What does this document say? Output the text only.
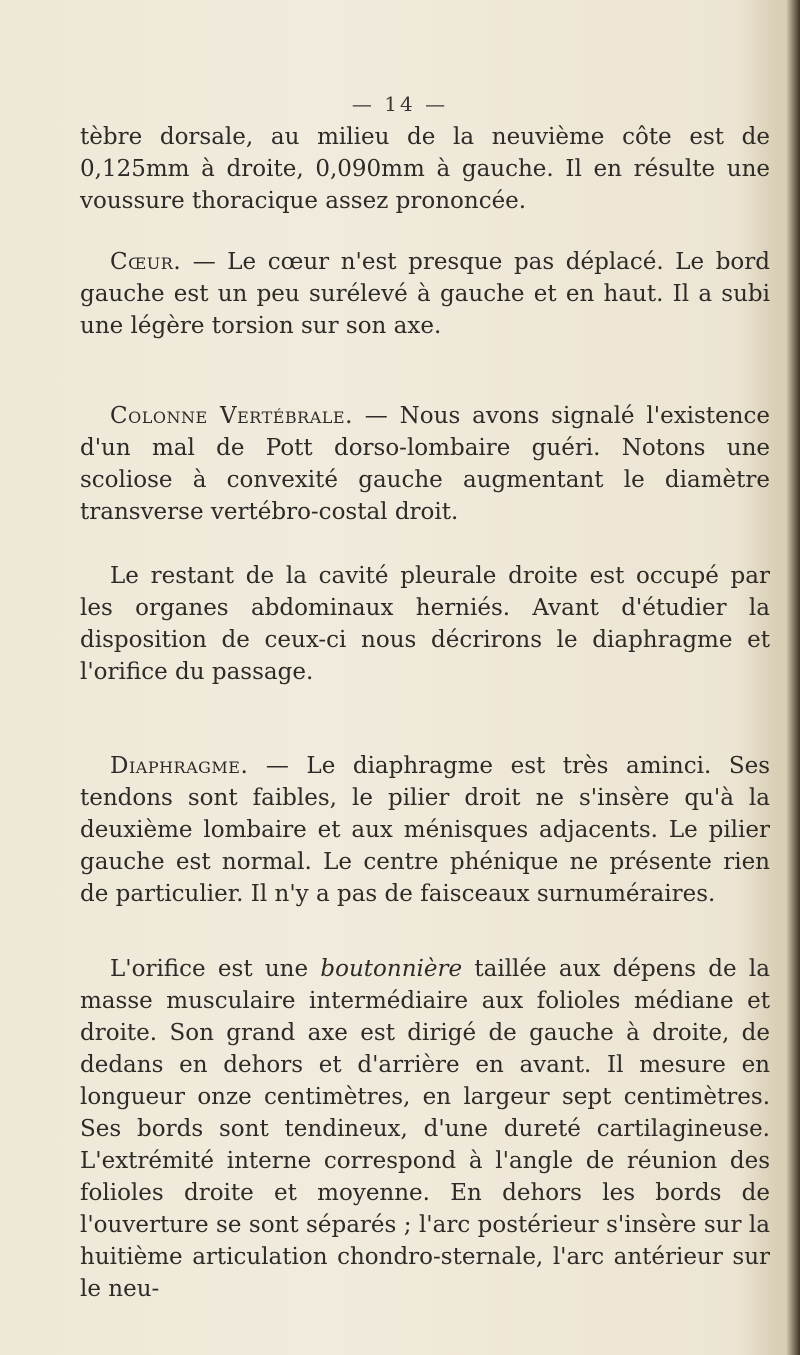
— 14 —

tèbre dorsale, au milieu de la neuvième côte est de 0,125mm à droite, 0,090mm à gauche. Il en résulte une voussure thoracique assez prononcée.

Cœur. — Le cœur n'est presque pas déplacé. Le bord gauche est un peu surélevé à gauche et en haut. Il a subi une légère torsion sur son axe.

Colonne Vertébrale. — Nous avons signalé l'existence d'un mal de Pott dorso-lombaire guéri. Notons une scoliose à convexité gauche augmentant le diamètre transverse vertébro-costal droit.

Le restant de la cavité pleurale droite est occupé par les organes abdominaux herniés. Avant d'étudier la disposition de ceux-ci nous décrirons le diaphragme et l'orifice du passage.

Diaphragme. — Le diaphragme est très aminci. Ses tendons sont faibles, le pilier droit ne s'insère qu'à la deuxième lombaire et aux ménisques adjacents. Le pilier gauche est normal. Le centre phénique ne présente rien de particulier. Il n'y a pas de faisceaux surnuméraires.

L'orifice est une boutonnière taillée aux dépens de la masse musculaire intermédiaire aux folioles médiane et droite. Son grand axe est dirigé de gauche à droite, de dedans en dehors et d'arrière en avant. Il mesure en longueur onze centimètres, en largeur sept centimètres. Ses bords sont tendineux, d'une dureté cartilagineuse. L'extrémité interne correspond à l'angle de réunion des folioles droite et moyenne. En dehors les bords de l'ouverture se sont séparés ; l'arc postérieur s'insère sur la huitième articulation chondro-sternale, l'arc antérieur sur le neu-
